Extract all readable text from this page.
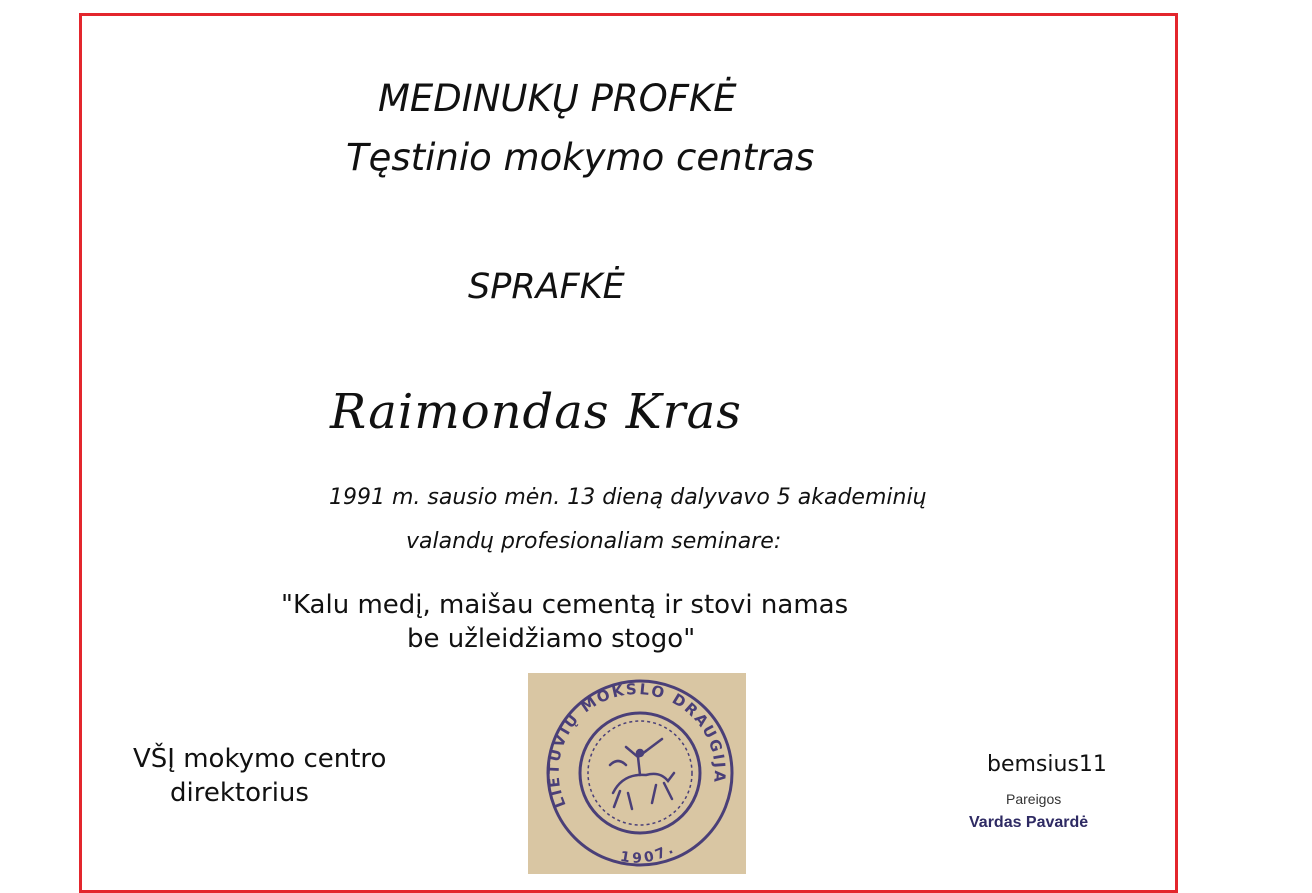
MEDINUKŲ PROFKĖ
Tęstinio mokymo centras
SPRAFKĖ
Raimondas Kras
1991 m. sausio mėn. 13 dieną dalyvavo 5 akademinių
valandų profesionaliam seminare:
"Kalu medį, maišau cementą ir stovi namas
be užleidžiamo stogo"
VŠĮ mokymo centro
direktorius	LIETUVIŲ MOKSLO DRAUGIJA
1907.
bemsius11
Pareigos
Vardas Pavardė
